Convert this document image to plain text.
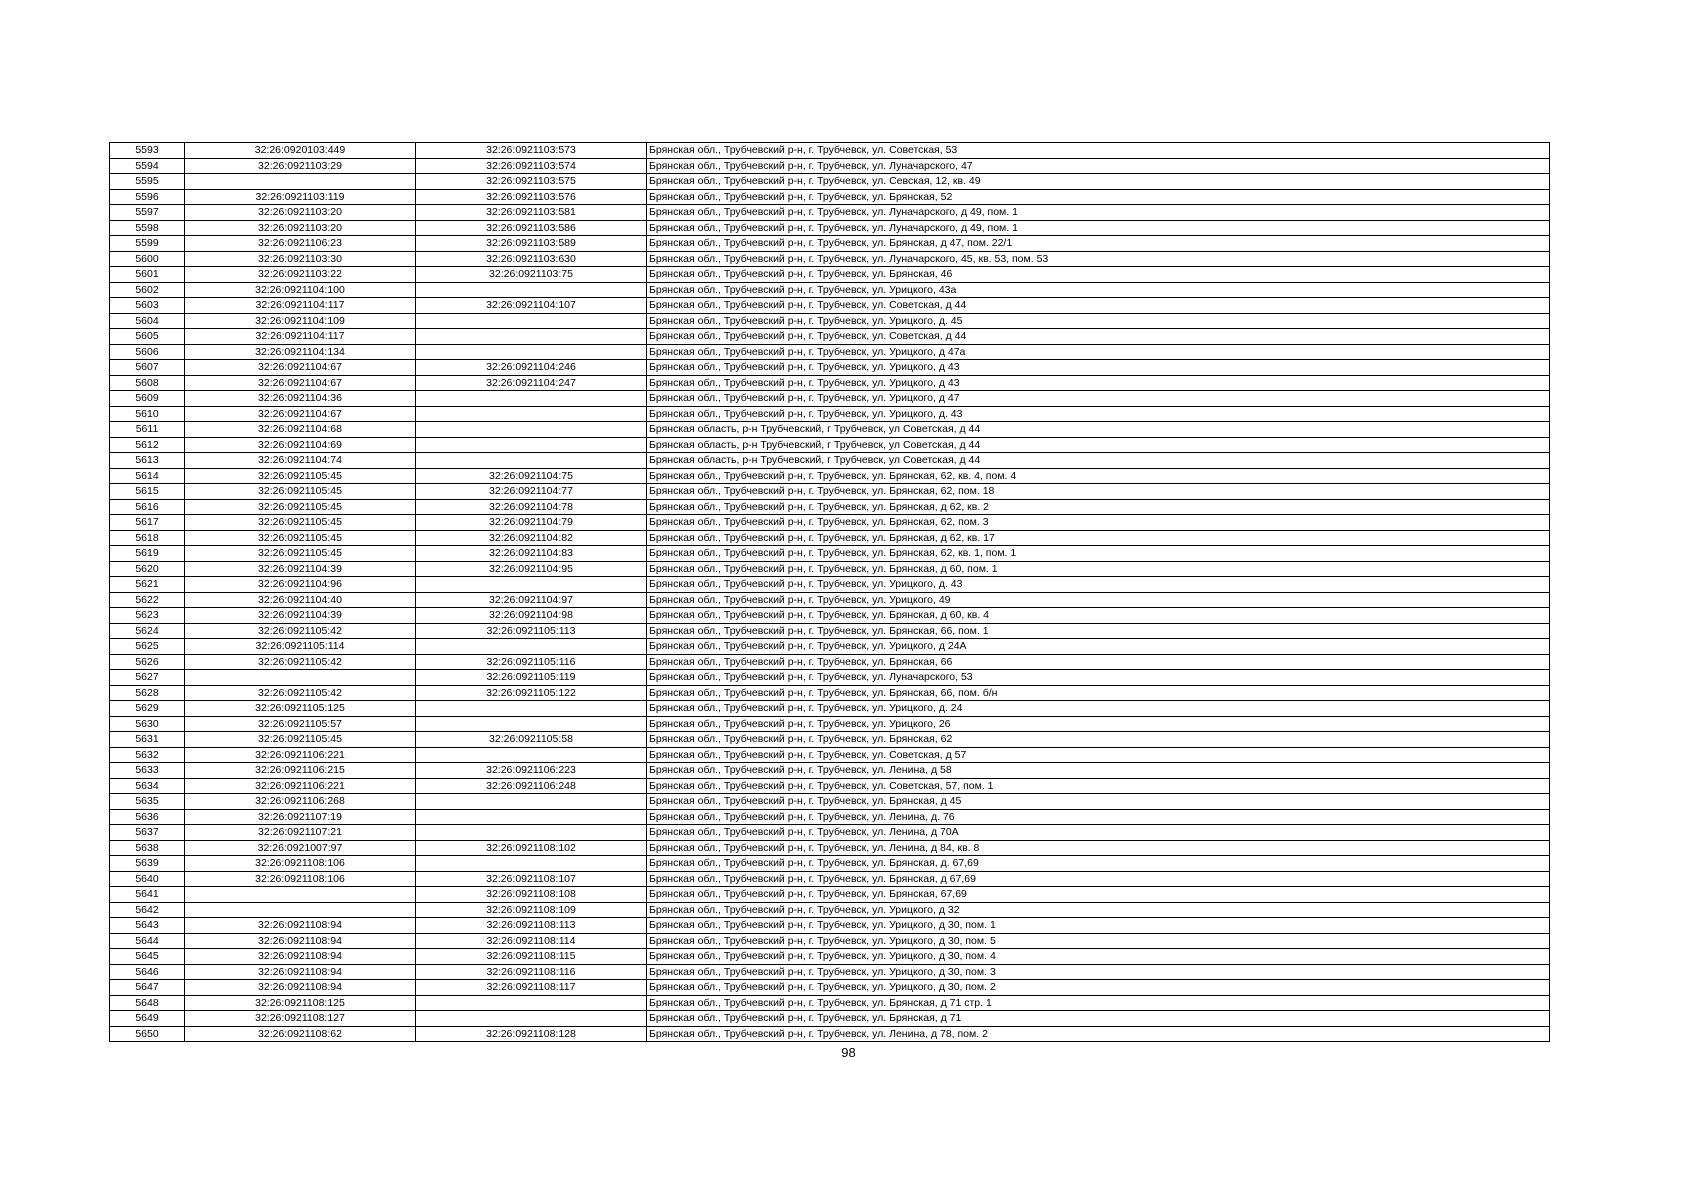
5593	32:26:0920103:449	32:26:0921103:573	Брянская обл., Трубчевский р-н, г. Трубчевск, ул. Советская, 53
5594	32:26:0921103:29	32:26:0921103:574	Брянская обл., Трубчевский р-н, г. Трубчевск, ул. Луначарского, 47
5595		32:26:0921103:575	Брянская обл., Трубчевский р-н, г. Трубчевск, ул. Севская, 12, кв. 49
5596	32:26:0921103:119	32:26:0921103:576	Брянская обл., Трубчевский р-н, г. Трубчевск, ул. Брянская, 52
5597	32:26:0921103:20	32:26:0921103:581	Брянская обл., Трубчевский р-н, г. Трубчевск, ул. Луначарского, д 49, пом. 1
5598	32:26:0921103:20	32:26:0921103:586	Брянская обл., Трубчевский р-н, г. Трубчевск, ул. Луначарского, д 49, пом. 1
5599	32:26:0921106:23	32:26:0921103:589	Брянская обл., Трубчевский р-н, г. Трубчевск, ул. Брянская, д 47, пом. 22/1
5600	32:26:0921103:30	32:26:0921103:630	Брянская обл., Трубчевский р-н, г. Трубчевск, ул. Луначарского, 45, кв. 53, пом. 53
5601	32:26:0921103:22	32:26:0921103:75	Брянская обл., Трубчевский р-н, г. Трубчевск, ул. Брянская, 46
5602	32:26:0921104:100		Брянская обл., Трубчевский р-н, г. Трубчевск, ул. Урицкого, 43а
5603	32:26:0921104:117	32:26:0921104:107	Брянская обл., Трубчевский р-н, г. Трубчевск, ул. Советская, д 44
5604	32:26:0921104:109		Брянская обл., Трубчевский р-н, г. Трубчевск, ул. Урицкого, д. 45
5605	32:26:0921104:117		Брянская обл., Трубчевский р-н, г. Трубчевск, ул. Советская, д 44
5606	32:26:0921104:134		Брянская обл., Трубчевский р-н, г. Трубчевск, ул. Урицкого, д 47а
5607	32:26:0921104:67	32:26:0921104:246	Брянская обл., Трубчевский р-н, г. Трубчевск, ул. Урицкого, д 43
5608	32:26:0921104:67	32:26:0921104:247	Брянская обл., Трубчевский р-н, г. Трубчевск, ул. Урицкого, д 43
5609	32:26:0921104:36		Брянская обл., Трубчевский р-н, г. Трубчевск, ул. Урицкого, д 47
5610	32:26:0921104:67		Брянская обл., Трубчевский р-н, г. Трубчевск, ул. Урицкого, д. 43
5611	32:26:0921104:68		Брянская область, р-н Трубчевский, г Трубчевск, ул Советская, д 44
5612	32:26:0921104:69		Брянская область, р-н Трубчевский, г Трубчевск, ул Советская, д 44
5613	32:26:0921104:74		Брянская область, р-н Трубчевский, г Трубчевск, ул Советская, д 44
5614	32:26:0921105:45	32:26:0921104:75	Брянская обл., Трубчевский р-н, г. Трубчевск, ул. Брянская, 62, кв. 4, пом. 4
5615	32:26:0921105:45	32:26:0921104:77	Брянская обл., Трубчевский р-н, г. Трубчевск, ул. Брянская, 62, пом. 18
5616	32:26:0921105:45	32:26:0921104:78	Брянская обл., Трубчевский р-н, г. Трубчевск, ул. Брянская, д 62, кв. 2
5617	32:26:0921105:45	32:26:0921104:79	Брянская обл., Трубчевский р-н, г. Трубчевск, ул. Брянская, 62, пом. 3
5618	32:26:0921105:45	32:26:0921104:82	Брянская обл., Трубчевский р-н, г. Трубчевск, ул. Брянская, д 62, кв. 17
5619	32:26:0921105:45	32:26:0921104:83	Брянская обл., Трубчевский р-н, г. Трубчевск, ул. Брянская, 62, кв. 1, пом. 1
5620	32:26:0921104:39	32:26:0921104:95	Брянская обл., Трубчевский р-н, г. Трубчевск, ул. Брянская, д 60, пом. 1
5621	32:26:0921104:96		Брянская обл., Трубчевский р-н, г. Трубчевск, ул. Урицкого, д. 43
5622	32:26:0921104:40	32:26:0921104:97	Брянская обл., Трубчевский р-н, г. Трубчевск, ул. Урицкого, 49
5623	32:26:0921104:39	32:26:0921104:98	Брянская обл., Трубчевский р-н, г. Трубчевск, ул. Брянская, д 60, кв. 4
5624	32:26:0921105:42	32:26:0921105:113	Брянская обл., Трубчевский р-н, г. Трубчевск, ул. Брянская, 66, пом. 1
5625	32:26:0921105:114		Брянская обл., Трубчевский р-н, г. Трубчевск, ул. Урицкого, д 24А
5626	32:26:0921105:42	32:26:0921105:116	Брянская обл., Трубчевский р-н, г. Трубчевск, ул. Брянская, 66
5627		32:26:0921105:119	Брянская обл., Трубчевский р-н, г. Трубчевск, ул. Луначарского, 53
5628	32:26:0921105:42	32:26:0921105:122	Брянская обл., Трубчевский р-н, г. Трубчевск, ул. Брянская, 66, пом. б/н
5629	32:26:0921105:125		Брянская обл., Трубчевский р-н, г. Трубчевск, ул. Урицкого, д. 24
5630	32:26:0921105:57		Брянская обл., Трубчевский р-н, г. Трубчевск, ул. Урицкого, 26
5631	32:26:0921105:45	32:26:0921105:58	Брянская обл., Трубчевский р-н, г. Трубчевск, ул. Брянская, 62
5632	32:26:0921106:221		Брянская обл., Трубчевский р-н, г. Трубчевск, ул. Советская, д 57
5633	32:26:0921106:215	32:26:0921106:223	Брянская обл., Трубчевский р-н, г. Трубчевск, ул. Ленина, д 58
5634	32:26:0921106:221	32:26:0921106:248	Брянская обл., Трубчевский р-н, г. Трубчевск, ул. Советская, 57, пом. 1
5635	32:26:0921106:268		Брянская обл., Трубчевский р-н, г. Трубчевск, ул. Брянская, д 45
5636	32:26:0921107:19		Брянская обл., Трубчевский р-н, г. Трубчевск, ул. Ленина, д. 76
5637	32:26:0921107:21		Брянская обл., Трубчевский р-н, г. Трубчевск, ул. Ленина, д 70А
5638	32:26:0921007:97	32:26:0921108:102	Брянская обл., Трубчевский р-н, г. Трубчевск, ул. Ленина, д 84, кв. 8
5639	32:26:0921108:106		Брянская обл., Трубчевский р-н, г. Трубчевск, ул. Брянская, д. 67,69
5640	32:26:0921108:106	32:26:0921108:107	Брянская обл., Трубчевский р-н, г. Трубчевск, ул. Брянская, д 67,69
5641		32:26:0921108:108	Брянская обл., Трубчевский р-н, г. Трубчевск, ул. Брянская, 67,69
5642		32:26:0921108:109	Брянская обл., Трубчевский р-н, г. Трубчевск, ул. Урицкого, д 32
5643	32:26:0921108:94	32:26:0921108:113	Брянская обл., Трубчевский р-н, г. Трубчевск, ул. Урицкого, д 30, пом. 1
5644	32:26:0921108:94	32:26:0921108:114	Брянская обл., Трубчевский р-н, г. Трубчевск, ул. Урицкого, д 30, пом. 5
5645	32:26:0921108:94	32:26:0921108:115	Брянская обл., Трубчевский р-н, г. Трубчевск, ул. Урицкого, д 30, пом. 4
5646	32:26:0921108:94	32:26:0921108:116	Брянская обл., Трубчевский р-н, г. Трубчевск, ул. Урицкого, д 30, пом. 3
5647	32:26:0921108:94	32:26:0921108:117	Брянская обл., Трубчевский р-н, г. Трубчевск, ул. Урицкого, д 30, пом. 2
5648	32:26:0921108:125		Брянская обл., Трубчевский р-н, г. Трубчевск, ул. Брянская, д 71 стр. 1
5649	32:26:0921108:127		Брянская обл., Трубчевский р-н, г. Трубчевск, ул. Брянская, д 71
5650	32:26:0921108:62	32:26:0921108:128	Брянская обл., Трубчевский р-н, г. Трубчевск, ул. Ленина, д 78, пом. 2
98
